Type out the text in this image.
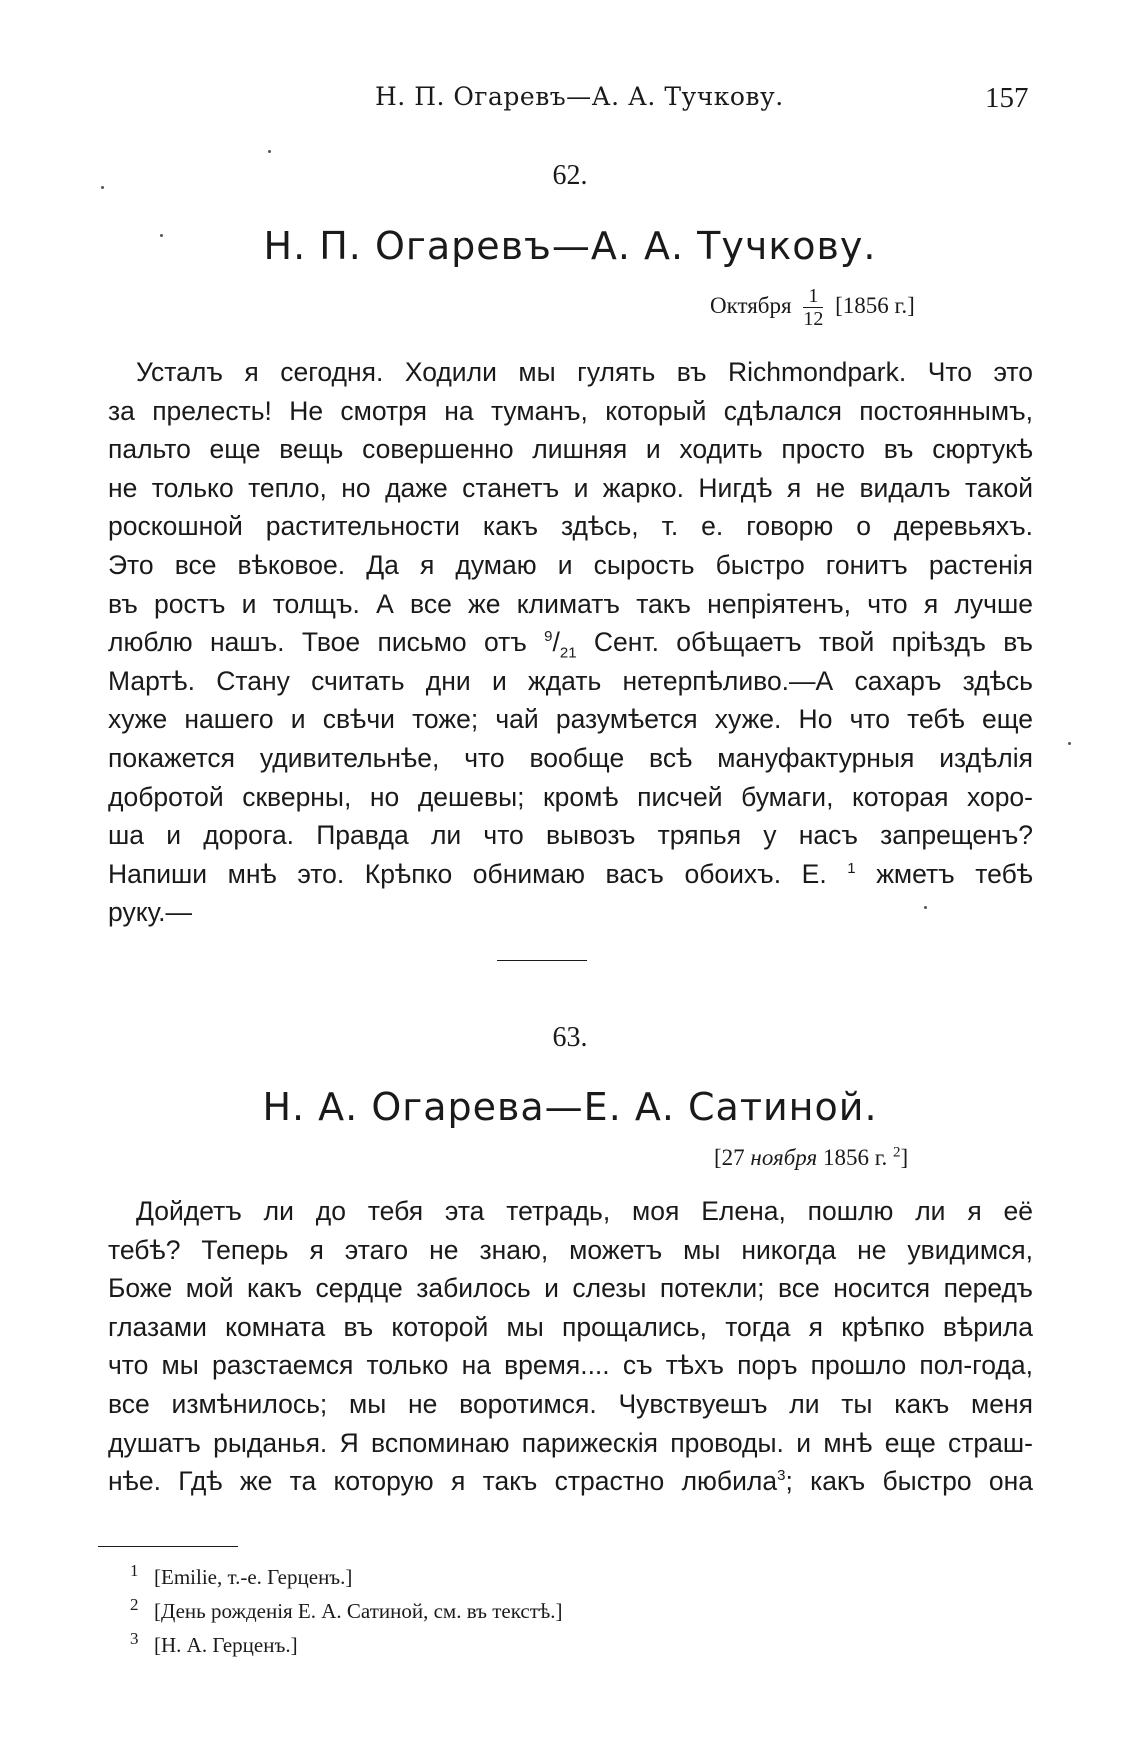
Н. П. Огаревъ—А. А. Тучкову.	157
62.
Н. П. Огаревъ—А. А. Тучкову.
Октября $\frac{1}{12} [1856$ г.]
Усталъ я сегодня. Ходили мы гулять въ Richmondpark. Что это
за прелесть! Не смотря на туманъ, который сдѣлался постояннымъ,
пальто еще вещь совершенно лишняя и ходить просто въ сюртукѣ
не только тепло, но даже станетъ и жарко. Нигдѣ я не видалъ такой
роскошной растительности какъ здѣсь, т. е. говорю о деревьяхъ.
Это все вѣковое. Да я думаю и сырость быстро гонитъ растенія
въ ростъ и толщъ. А все же климатъ такъ непріятенъ, что я лучше
люблю нашъ. Твое письмо отъ $^9/_{21}$ Сент. обѣщаетъ твой пріѣздъ въ
Мартѣ. Стану считать дни и ждать нетерпѣливо.—А сахаръ здѣсь
хуже нашего и свѣчи тоже; чай разумѣется хуже. Но что тебѣ еще
покажется удивительнѣе, что вообще всѣ мануфактурныя издѣлія
добротой скверны, но дешевы; кромѣ писчей бумаги, которая хоро-
ша и дорога. Правда ли что вывозъ тряпья у насъ запрещенъ?
Напиши мнѣ это. Крѣпко обнимаю васъ обоихъ. Е. $^1$ жметъ тебѣ
руку.—
63.
Н. А. Огарева—Е. А. Сатиной.
[27 ноября 1856 г. $^2$]
Дойдетъ ли до тебя эта тетрадь, моя Елена, пошлю ли я её
тебѣ? Теперь я этаго не знаю, можетъ мы никогда не увидимся,
Боже мой какъ сердце забилось и слезы потекли; все носится передъ
глазами комната въ которой мы прощались, тогда я крѣпко вѣрила
что мы разстаемся только на время.... съ тѣхъ поръ прошло пол-года,
все измѣнилось; мы не воротимся. Чувствуешъ ли ты какъ меня
душатъ рыданья. Я вспоминаю парижескія проводы. и мнѣ еще страш-
нѣе. Гдѣ же та которую я такъ страстно любила$^3$; какъ быстро она
1 [Emilie, т.-е. Герценъ.]
2 [День рожденія Е. А. Сатиной, см. въ текстѣ.]
3 [Н. А. Герценъ.]
